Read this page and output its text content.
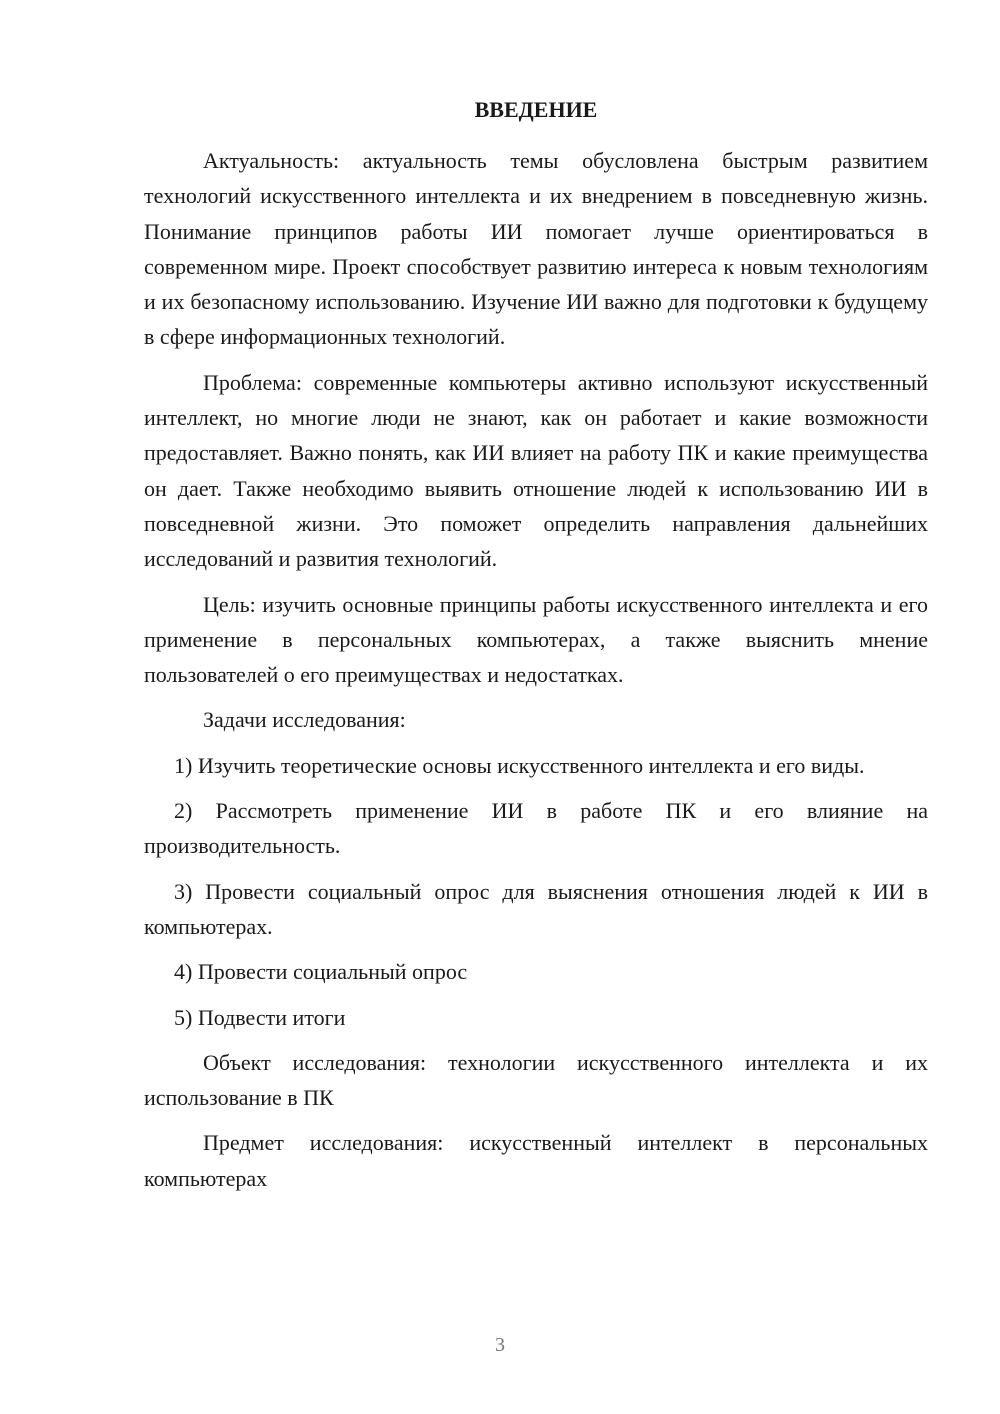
ВВЕДЕНИЕ

Актуальность: актуальность темы обусловлена быстрым развитием технологий искусственного интеллекта и их внедрением в повседневную жизнь. Понимание принципов работы ИИ помогает лучше ориентироваться в современном мире. Проект способствует развитию интереса к новым технологиям и их безопасному использованию. Изучение ИИ важно для подготовки к будущему в сфере информационных технологий.

Проблема: современные компьютеры активно используют искусственный интеллект, но многие люди не знают, как он работает и какие возможности предоставляет. Важно понять, как ИИ влияет на работу ПК и какие преимущества он дает. Также необходимо выявить отношение людей к использованию ИИ в повседневной жизни. Это поможет определить направления дальнейших исследований и развития технологий.

Цель: изучить основные принципы работы искусственного интеллекта и его применение в персональных компьютерах, а также выяснить мнение пользователей о его преимуществах и недостатках.

Задачи исследования:

1) Изучить теоретические основы искусственного интеллекта и его виды.

2) Рассмотреть применение ИИ в работе ПК и его влияние на производительность.

3) Провести социальный опрос для выяснения отношения людей к ИИ в компьютерах.

4) Провести социальный опрос

5) Подвести итоги

Объект исследования: технологии искусственного интеллекта и их использование в ПК

Предмет исследования: искусственный интеллект в персональных компьютерах

3
